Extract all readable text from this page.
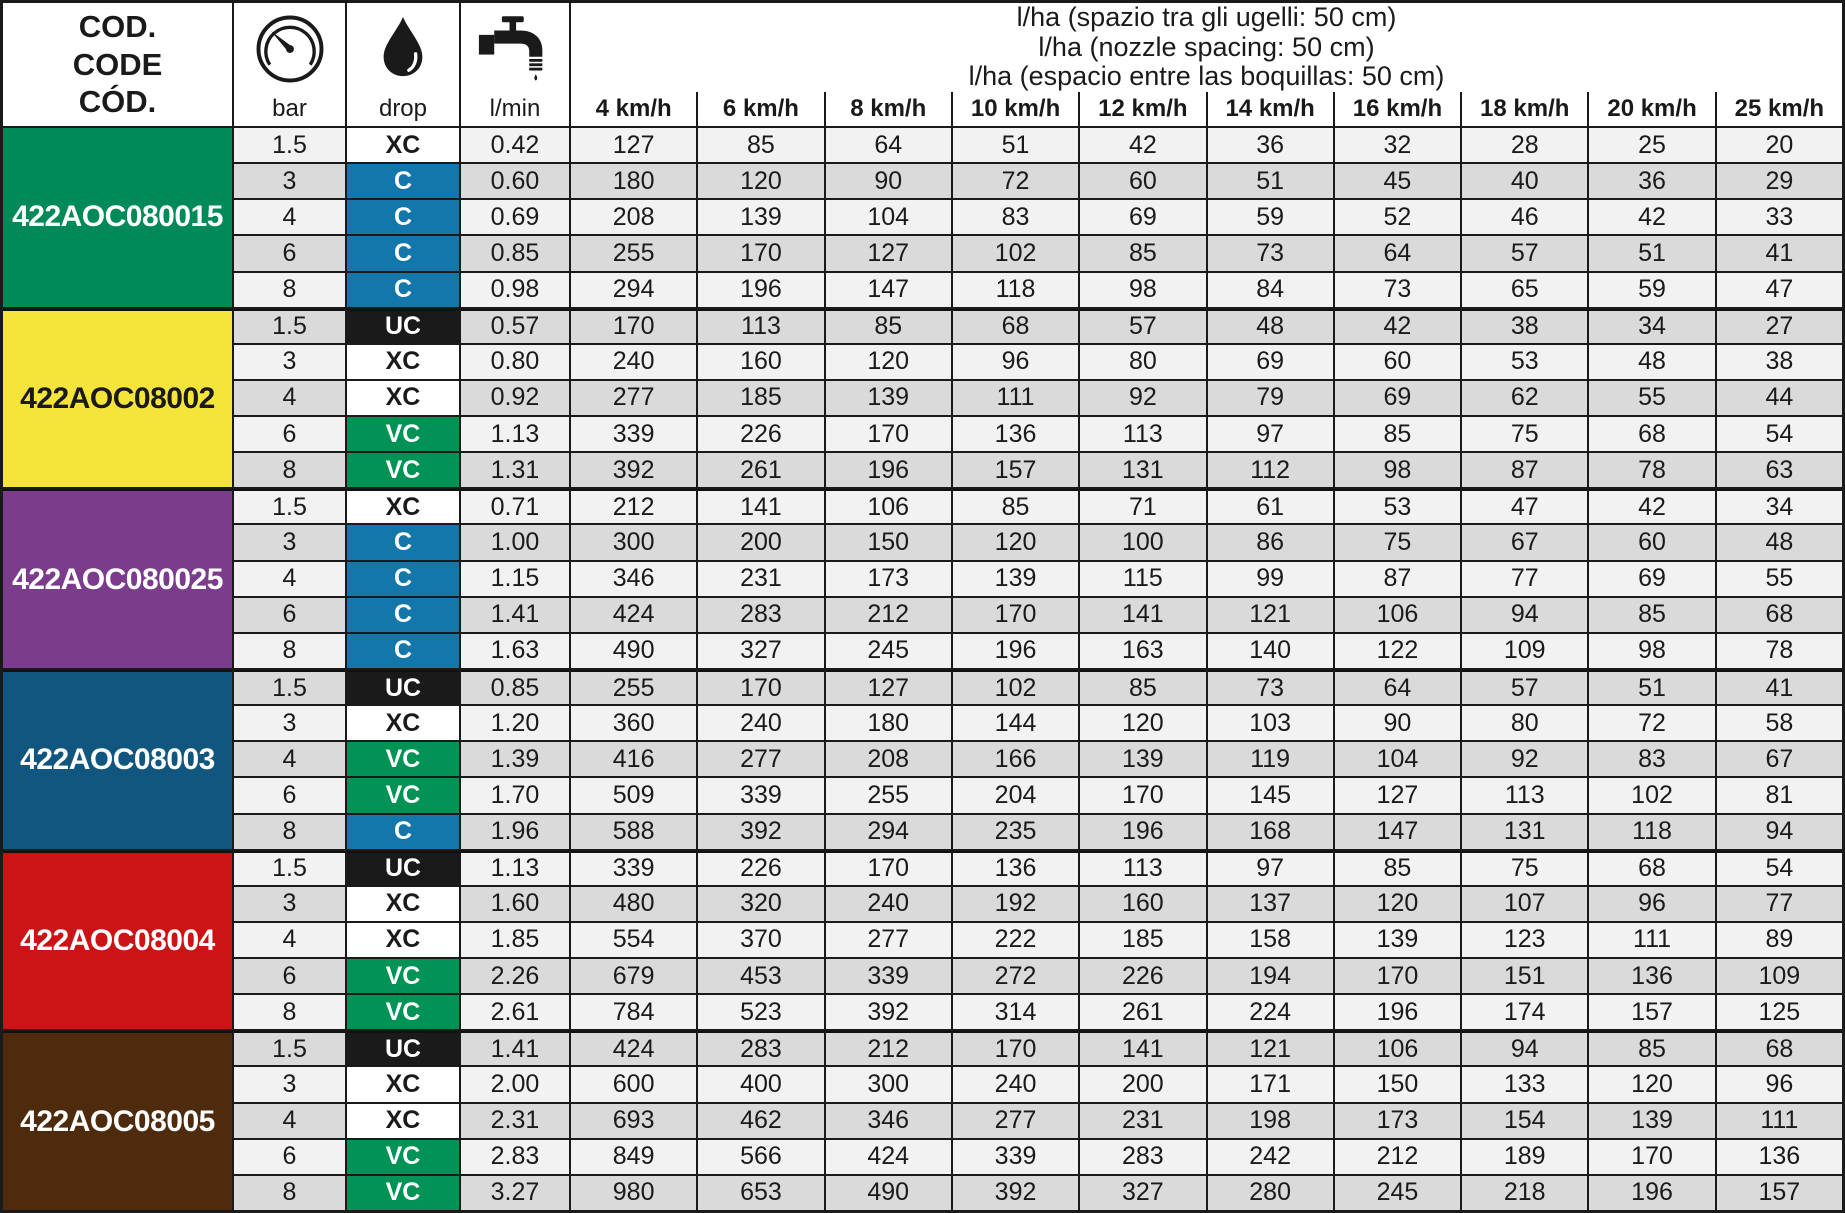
COD.
CODE
CÓD.	bar	drop	l/min
l/ha (spazio tra gli ugelli: 50 cm)
l/ha (nozzle spacing: 50 cm)
l/ha (espacio entre las boquillas: 50 cm)
4 km/h	6 km/h	8 km/h	10 km/h	12 km/h	14 km/h	16 km/h	18 km/h	20 km/h	25 km/h
422AOC080015
1.5	XC	0.42	127	85	64	51	42	36	32	28	25	20
3	C	0.60	180	120	90	72	60	51	45	40	36	29
4	C	0.69	208	139	104	83	69	59	52	46	42	33
6	C	0.85	255	170	127	102	85	73	64	57	51	41
8	C	0.98	294	196	147	118	98	84	73	65	59	47
422AOC08002
1.5	UC	0.57	170	113	85	68	57	48	42	38	34	27
3	XC	0.80	240	160	120	96	80	69	60	53	48	38
4	XC	0.92	277	185	139	111	92	79	69	62	55	44
6	VC	1.13	339	226	170	136	113	97	85	75	68	54
8	VC	1.31	392	261	196	157	131	112	98	87	78	63
422AOC080025
1.5	XC	0.71	212	141	106	85	71	61	53	47	42	34
3	C	1.00	300	200	150	120	100	86	75	67	60	48
4	C	1.15	346	231	173	139	115	99	87	77	69	55
6	C	1.41	424	283	212	170	141	121	106	94	85	68
8	C	1.63	490	327	245	196	163	140	122	109	98	78
422AOC08003
1.5	UC	0.85	255	170	127	102	85	73	64	57	51	41
3	XC	1.20	360	240	180	144	120	103	90	80	72	58
4	VC	1.39	416	277	208	166	139	119	104	92	83	67
6	VC	1.70	509	339	255	204	170	145	127	113	102	81
8	C	1.96	588	392	294	235	196	168	147	131	118	94
422AOC08004
1.5	UC	1.13	339	226	170	136	113	97	85	75	68	54
3	XC	1.60	480	320	240	192	160	137	120	107	96	77
4	XC	1.85	554	370	277	222	185	158	139	123	111	89
6	VC	2.26	679	453	339	272	226	194	170	151	136	109
8	VC	2.61	784	523	392	314	261	224	196	174	157	125
422AOC08005
1.5	UC	1.41	424	283	212	170	141	121	106	94	85	68
3	XC	2.00	600	400	300	240	200	171	150	133	120	96
4	XC	2.31	693	462	346	277	231	198	173	154	139	111
6	VC	2.83	849	566	424	339	283	242	212	189	170	136
8	VC	3.27	980	653	490	392	327	280	245	218	196	157
